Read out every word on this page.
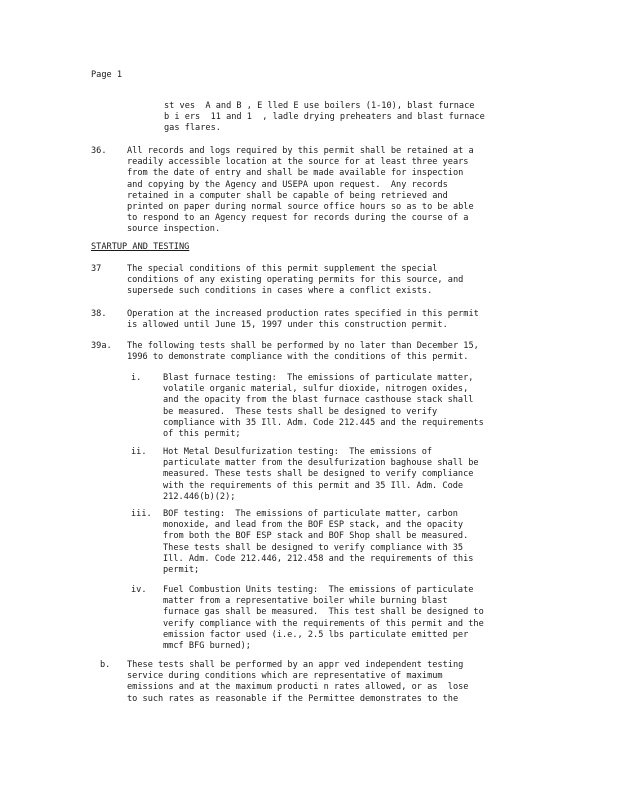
Page 1
st ves  A and B , E lled E use boilers (1-10), blast furnace
b i ers  11 and 1  , ladle drying preheaters and blast furnace
gas flares.
36. All records and logs required by this permit shall be retained at a
readily accessible location at the source for at least three years
from the date of entry and shall be made available for inspection
and copying by the Agency and USEPA upon request.  Any records
retained in a computer shall be capable of being retrieved and
printed on paper during normal source office hours so as to be able
to respond to an Agency request for records during the course of a
source inspection.
STARTUP AND TESTING
37	The special conditions of this permit supplement the special
conditions of any existing operating permits for this source, and
supersede such conditions in cases where a conflict exists.
38. Operation at the increased production rates specified in this permit
is allowed until June 15, 1997 under this construction permit.
39a. The following tests shall be performed by no later than December 15,
1996 to demonstrate compliance with the conditions of this permit.
i.	Blast furnace testing:  The emissions of particulate matter,
volatile organic material, sulfur dioxide, nitrogen oxides,
and the opacity from the blast furnace casthouse stack shall
be measured.  These tests shall be designed to verify
compliance with 35 Ill. Adm. Code 212.445 and the requirements
of this permit;
ii. Hot Metal Desulfurization testing:  The emissions of
particulate matter from the desulfurization baghouse shall be
measured. These tests shall be designed to verify compliance
with the requirements of this permit and 35 Ill. Adm. Code
212.446(b)(2);
iii. BOF testing:  The emissions of particulate matter, carbon
monoxide, and lead from the BOF ESP stack, and the opacity
from both the BOF ESP stack and BOF Shop shall be measured.
These tests shall be designed to verify compliance with 35
Ill. Adm. Code 212.446, 212.458 and the requirements of this
permit;
iv. Fuel Combustion Units testing:  The emissions of particulate
matter from a representative boiler while burning blast
furnace gas shall be measured.  This test shall be designed to
verify compliance with the requirements of this permit and the
emission factor used (i.e., 2.5 lbs particulate emitted per
mmcf BFG burned);
b. These tests shall be performed by an appr ved independent testing
service during conditions which are representative of maximum
emissions and at the maximum producti n rates allowed, or as  lose
to such rates as reasonable if the Permittee demonstrates to the
